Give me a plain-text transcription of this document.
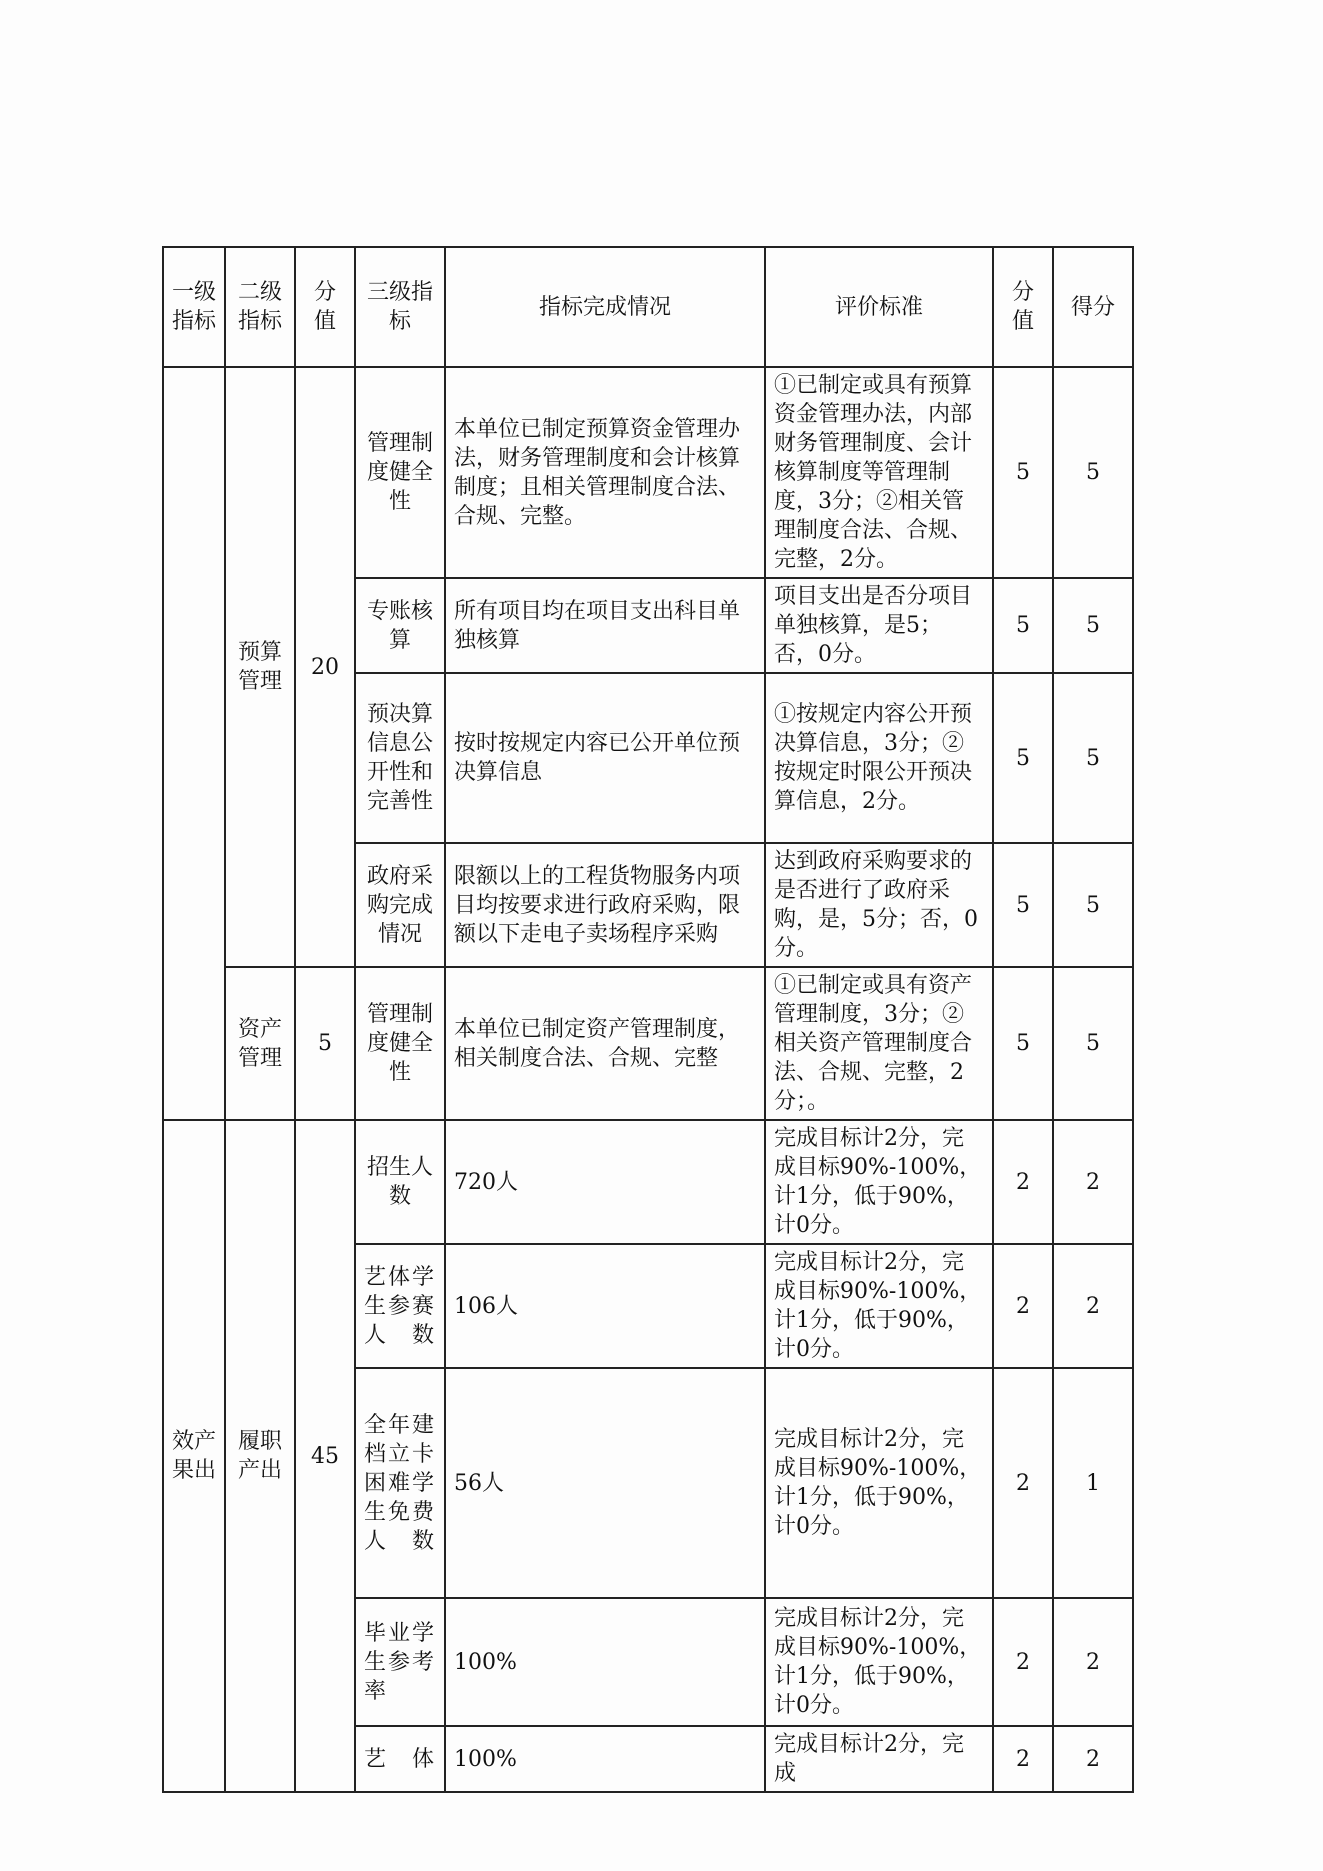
一级指标	二级指标	分值	三级指标	指标完成情况	评价标准	分值	得分
	预算管理	20	管理制度健全性	本单位已制定预算资金管理办法，财务管理制度和会计核算制度；且相关管理制度合法、合规、完整。	①已制定或具有预算资金管理办法，内部财务管理制度、会计核算制度等管理制度，3分；②相关管理制度合法、合规、完整，2分。	5	5
			专账核算	所有项目均在项目支出科目单独核算	项目支出是否分项目单独核算，是5；否，0分。	5	5
			预决算信息公开性和完善性	按时按规定内容已公开单位预决算信息	①按规定内容公开预决算信息，3分；②按规定时限公开预决算信息，2分。	5	5
			政府采购完成情况	限额以上的工程货物服务内项目均按要求进行政府采购，限额以下走电子卖场程序采购	达到政府采购要求的是否进行了政府采购，是，5分；否，0分。	5	5
	资产管理	5	管理制度健全性	本单位已制定资产管理制度，相关制度合法、合规、完整	①已制定或具有资产管理制度，3分；②相关资产管理制度合法、合规、完整，2分；。	5	5
效产果出	履职产出	45	招生人数	720人	完成目标计2分，完成目标90%-100%，计1分，低于90%，计0分。	2	2
			艺体学生参赛人数	106人	完成目标计2分，完成目标90%-100%，计1分，低于90%，计0分。	2	2
			全年建档立卡困难学生免费人数	56人	完成目标计2分，完成目标90%-100%，计1分，低于90%，计0分。	2	1
			毕业学生参考率	100%	完成目标计2分，完成目标90%-100%，计1分，低于90%，计0分。	2	2
			艺体	100%	完成目标计2分，完成	2	2
